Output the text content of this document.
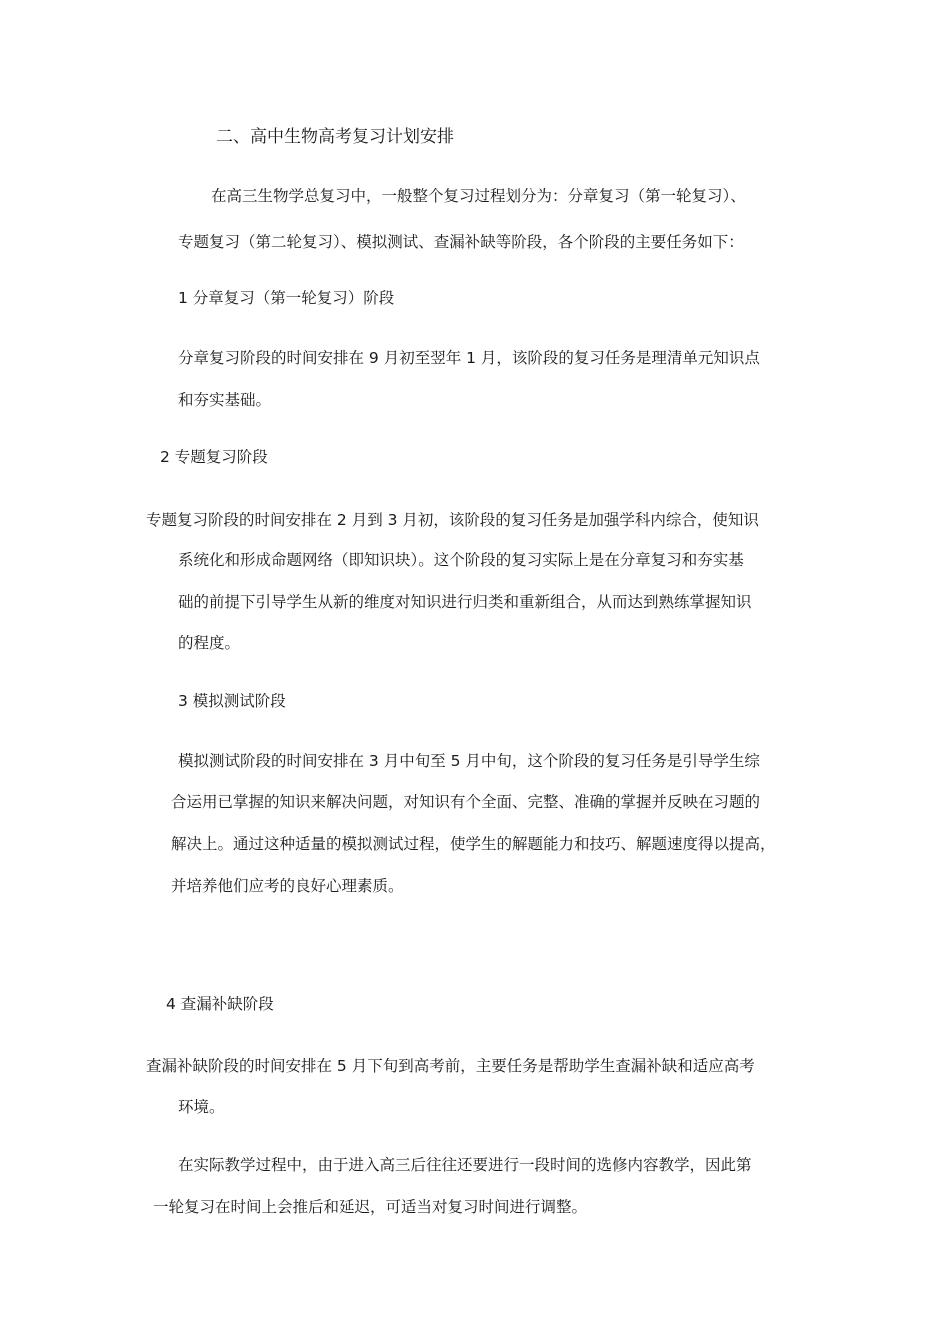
二、高中生物高考复习计划安排
在高三生物学总复习中，一般整个复习过程划分为：分章复习（第一轮复习）、
专题复习（第二轮复习）、模拟测试、查漏补缺等阶段，各个阶段的主要任务如下：
1 分章复习（第一轮复习）阶段
分章复习阶段的时间安排在 9 月初至翌年 1 月，该阶段的复习任务是理清单元知识点
和夯实基础。
2 专题复习阶段
专题复习阶段的时间安排在 2 月到 3 月初，该阶段的复习任务是加强学科内综合，使知识
系统化和形成命题网络（即知识块）。这个阶段的复习实际上是在分章复习和夯实基
础的前提下引导学生从新的维度对知识进行归类和重新组合，从而达到熟练掌握知识
的程度。
3 模拟测试阶段
模拟测试阶段的时间安排在 3 月中旬至 5 月中旬，这个阶段的复习任务是引导学生综
合运用已掌握的知识来解决问题，对知识有个全面、完整、准确的掌握并反映在习题的
解决上。通过这种适量的模拟测试过程，使学生的解题能力和技巧、解题速度得以提高，
并培养他们应考的良好心理素质。
4 查漏补缺阶段
查漏补缺阶段的时间安排在 5 月下旬到高考前，主要任务是帮助学生查漏补缺和适应高考
环境。
在实际教学过程中，由于进入高三后往往还要进行一段时间的选修内容教学，因此第
一轮复习在时间上会推后和延迟，可适当对复习时间进行调整。
